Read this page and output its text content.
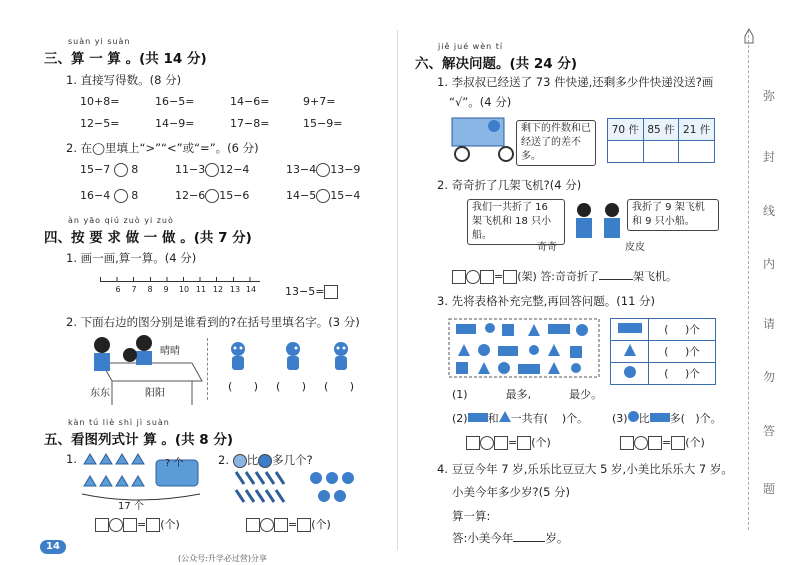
suàn yi suàn
三、算 一 算 。(共 14 分)
1. 直接写得数。(8 分)
10+8=	16−5=	14−6=	9+7=
12−5=	14−9=	17−8=	15−9=
2. 在◯里填上“>”“<”或“=”。(6 分)
15−7 8	11−3 12−4	13−4 13−9
16−4 8	12−6 15−6	14−5 15−4
àn yāo qiú zuò yi zuò
四、按 要 求 做 一 做 。(共 7 分)
1. 画一画,算一算。(4 分)
6 7 8 9 10 11 12 13 14	13−5=
2. 下面右边的图分别是谁看到的?在括号里填名字。(3 分)
晴晴
东东	阳阳
( ) ( ) ( )
kàn tú liè shì jì suàn
五、看图列式计 算 。(共 8 分)
1.	? 个
17 个
= (个)
2. 比 多几个?
= (个)
14
(公众号:升学必过营)分享
jiě jué wèn tí
六、解决问题。(共 24 分)
1. 李叔叔已经送了 73 件快递,还剩多少件快递没送?画
“√”。(4 分)
剩下的件数和已经送了的差不多。
70 件	85 件	21 件

2. 奇奇折了几架飞机?(4 分)
我们一共折了 16 架飞机和 18 只小船。
我折了 9 架飞机和 9 只小船。
奇奇	皮皮
= (架) 答:奇奇折了	架飞机。
3. 先将表格补充完整,再回答问题。(11 分)
	( )个
	( )个
	( )个
(1)	最多,	最少。
(2) 和 一共有( )个。 (3) 比 多( )个。
= (个)	= (个)
4. 豆豆今年 7 岁,乐乐比豆豆大 5 岁,小美比乐乐大 7 岁。
小美今年多少岁?(5 分)
算一算:
答:小美今年	岁。
弥
封
线
内
请
勿
答
题
